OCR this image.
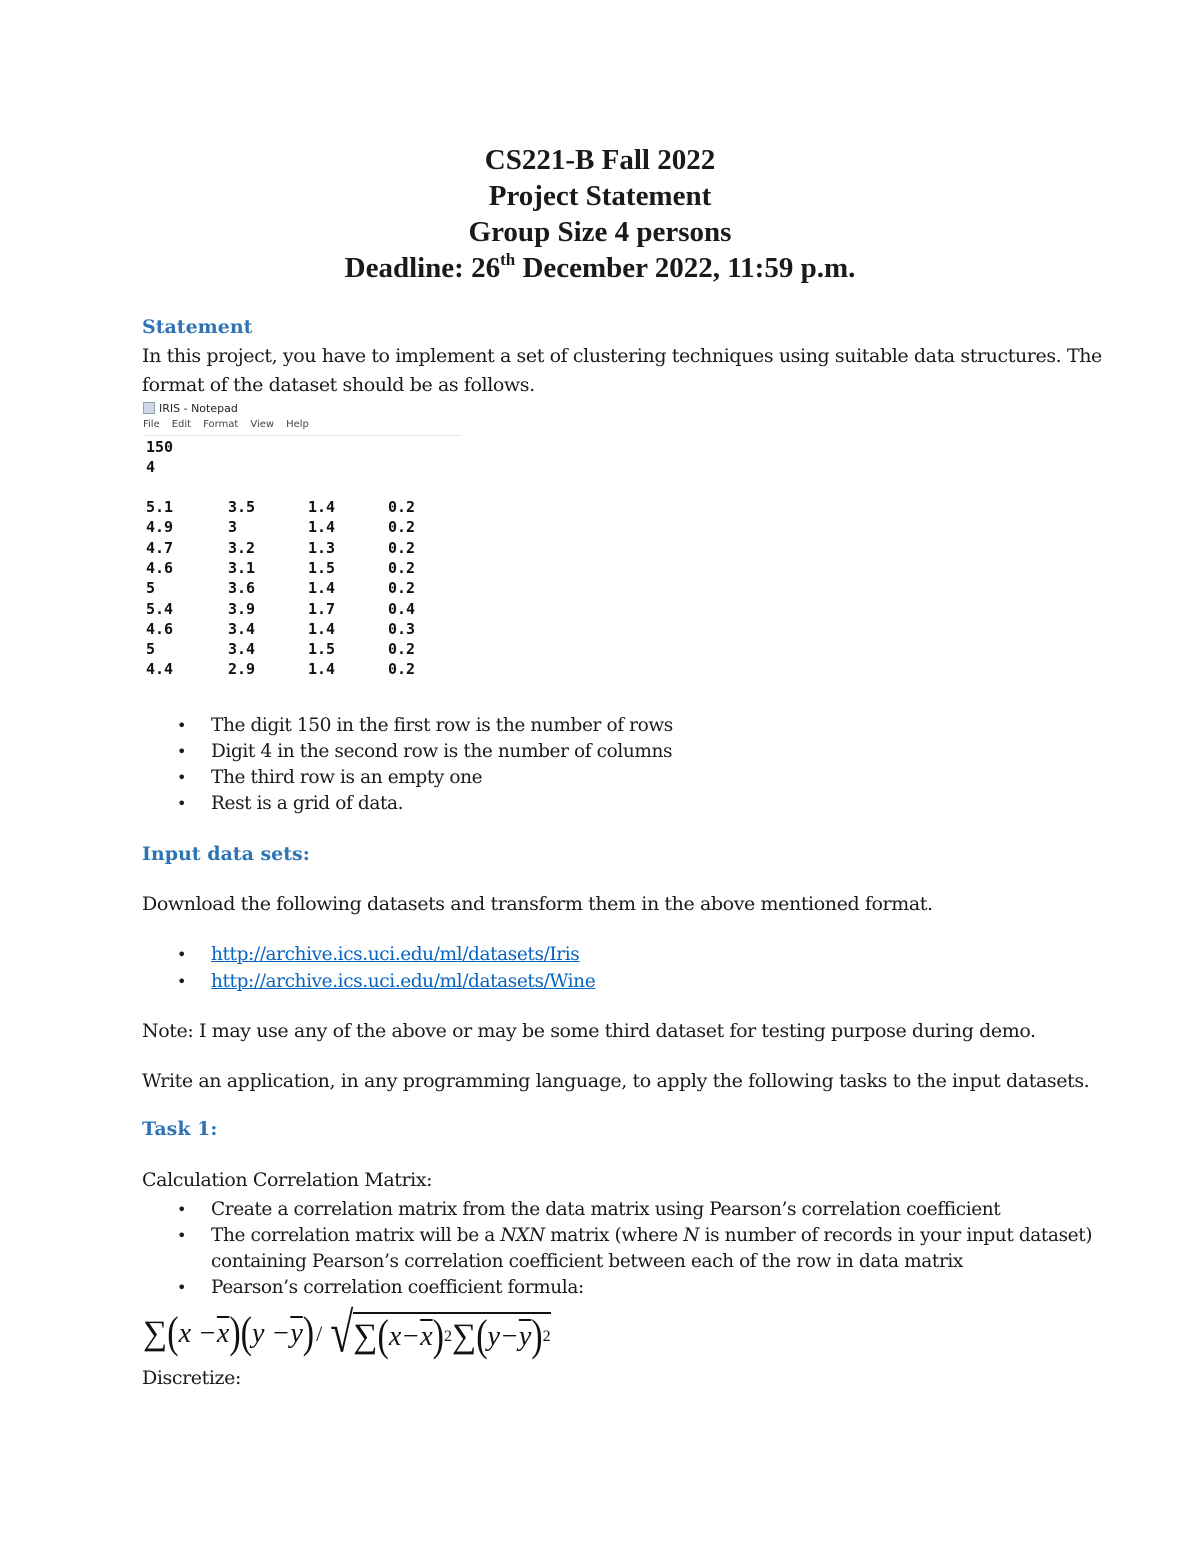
CS221-B Fall 2022

Project Statement

Group Size 4 persons

Deadline: 26th December 2022, 11:59 p.m.

Statement
In this project, you have to implement a set of clustering techniques using suitable data structures. The
format of the dataset should be as follows.
IRIS - Notepad
File Edit Format View Help
150
4
5.1	3.5	1.4	0.2
4.9	3	1.4	0.2
4.7	3.2	1.3	0.2
4.6	3.1	1.5	0.2
5	3.6	1.4	0.2
5.4	3.9	1.7	0.4
4.6	3.4	1.4	0.3
5	3.4	1.5	0.2
4.4	2.9	1.4	0.2
• The digit 150 in the first row is the number of rows
• Digit 4 in the second row is the number of columns
• The third row is an empty one
• Rest is a grid of data.
Input data sets:
Download the following datasets and transform them in the above mentioned format.
• http://archive.ics.uci.edu/ml/datasets/Iris
• http://archive.ics.uci.edu/ml/datasets/Wine
Note: I may use any of the above or may be some third dataset for testing purpose during demo.
Write an application, in any programming language, to apply the following tasks to the input datasets.
Task 1:
Calculation Correlation Matrix:
• Create a correlation matrix from the data matrix using Pearson’s correlation coefficient
• The correlation matrix will be a NXN matrix (where N is number of records in your input dataset)
containing Pearson’s correlation coefficient between each of the row in data matrix
• Pearson’s correlation coefficient formula:
∑ ( $x - \overline{x}$ ) ( $y - \overline{y}$ ) / √ ∑ ( $x- \overline{x}$ ) 2 ∑ ( $y- \overline{y}$ ) 2
Discretize:
